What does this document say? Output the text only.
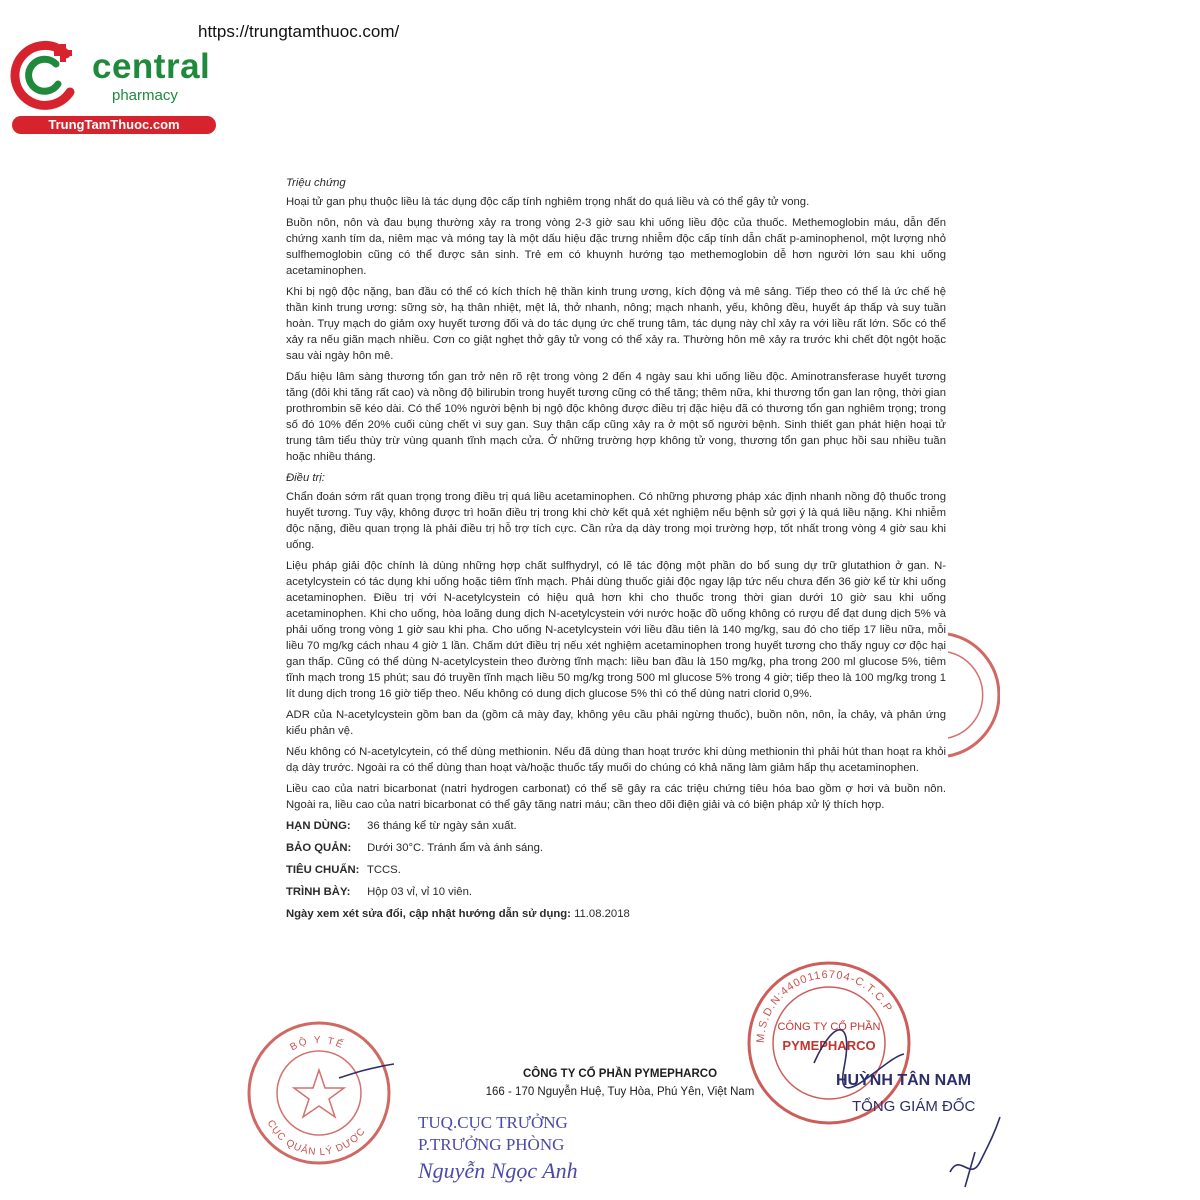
https://trungtamthuoc.com/
central
pharmacy
TrungTamThuoc.com
Triệu chứng

Hoại tử gan phụ thuộc liều là tác dụng độc cấp tính nghiêm trọng nhất do quá liều và có thể gây tử vong.

Buồn nôn, nôn và đau bụng thường xảy ra trong vòng 2-3 giờ sau khi uống liều độc của thuốc. Methemoglobin máu, dẫn đến chứng xanh tím da, niêm mạc và móng tay là một dấu hiệu đặc trưng nhiễm độc cấp tính dẫn chất p-aminophenol, một lượng nhỏ sulfhemoglobin cũng có thể được sản sinh. Trẻ em có khuynh hướng tạo methemoglobin dễ hơn người lớn sau khi uống acetaminophen.

Khi bị ngộ độc nặng, ban đầu có thể có kích thích hệ thần kinh trung ương, kích động và mê sảng. Tiếp theo có thể là ức chế hệ thần kinh trung ương: sững sờ, hạ thân nhiệt, mệt lả, thở nhanh, nông; mạch nhanh, yếu, không đều, huyết áp thấp và suy tuần hoàn. Trụy mạch do giảm oxy huyết tương đối và do tác dụng ức chế trung tâm, tác dụng này chỉ xảy ra với liều rất lớn. Sốc có thể xảy ra nếu giãn mạch nhiều. Cơn co giật nghẹt thở gây tử vong có thể xảy ra. Thường hôn mê xảy ra trước khi chết đột ngột hoặc sau vài ngày hôn mê.

Dấu hiệu lâm sàng thương tổn gan trở nên rõ rệt trong vòng 2 đến 4 ngày sau khi uống liều độc. Aminotransferase huyết tương tăng (đôi khi tăng rất cao) và nồng độ bilirubin trong huyết tương cũng có thể tăng; thêm nữa, khi thương tổn gan lan rộng, thời gian prothrombin sẽ kéo dài. Có thể 10% người bệnh bị ngộ độc không được điều trị đặc hiệu đã có thương tổn gan nghiêm trọng; trong số đó 10% đến 20% cuối cùng chết vì suy gan. Suy thận cấp cũng xảy ra ở một số người bệnh. Sinh thiết gan phát hiện hoại tử trung tâm tiểu thùy trừ vùng quanh tĩnh mạch cửa. Ở những trường hợp không tử vong, thương tổn gan phục hồi sau nhiều tuần hoặc nhiều tháng.

Điều trị:

Chẩn đoán sớm rất quan trọng trong điều trị quá liều acetaminophen. Có những phương pháp xác định nhanh nồng độ thuốc trong huyết tương. Tuy vậy, không được trì hoãn điều trị trong khi chờ kết quả xét nghiệm nếu bệnh sử gợi ý là quá liều nặng. Khi nhiễm độc nặng, điều quan trọng là phải điều trị hỗ trợ tích cực. Cần rửa dạ dày trong mọi trường hợp, tốt nhất trong vòng 4 giờ sau khi uống.

Liệu pháp giải độc chính là dùng những hợp chất sulfhydryl, có lẽ tác động một phần do bổ sung dự trữ glutathion ở gan. N-acetylcystein có tác dụng khi uống hoặc tiêm tĩnh mạch. Phải dùng thuốc giải độc ngay lập tức nếu chưa đến 36 giờ kể từ khi uống acetaminophen. Điều trị với N-acetylcystein có hiệu quả hơn khi cho thuốc trong thời gian dưới 10 giờ sau khi uống acetaminophen. Khi cho uống, hòa loãng dung dịch N-acetylcystein với nước hoặc đồ uống không có rượu để đạt dung dịch 5% và phải uống trong vòng 1 giờ sau khi pha. Cho uống N-acetylcystein với liều đầu tiên là 140 mg/kg, sau đó cho tiếp 17 liều nữa, mỗi liều 70 mg/kg cách nhau 4 giờ 1 lần. Chấm dứt điều trị nếu xét nghiệm acetaminophen trong huyết tương cho thấy nguy cơ độc hại gan thấp. Cũng có thể dùng N-acetylcystein theo đường tĩnh mạch: liều ban đầu là 150 mg/kg, pha trong 200 ml glucose 5%, tiêm tĩnh mạch trong 15 phút; sau đó truyền tĩnh mạch liều 50 mg/kg trong 500 ml glucose 5% trong 4 giờ; tiếp theo là 100 mg/kg trong 1 lít dung dịch trong 16 giờ tiếp theo. Nếu không có dung dịch glucose 5% thì có thể dùng natri clorid 0,9%.

ADR của N-acetylcystein gồm ban da (gồm cả mày đay, không yêu cầu phải ngừng thuốc), buồn nôn, nôn, ỉa chảy, và phản ứng kiểu phản vệ.

Nếu không có N-acetylcytein, có thể dùng methionin. Nếu đã dùng than hoạt trước khi dùng methionin thì phải hút than hoạt ra khỏi dạ dày trước. Ngoài ra có thể dùng than hoạt và/hoặc thuốc tẩy muối do chúng có khả năng làm giảm hấp thụ acetaminophen.

Liều cao của natri bicarbonat (natri hydrogen carbonat) có thể sẽ gây ra các triệu chứng tiêu hóa bao gồm ợ hơi và buồn nôn. Ngoài ra, liều cao của natri bicarbonat có thể gây tăng natri máu; cần theo dõi điện giải và có biện pháp xử lý thích hợp.

HẠN DÙNG: 36 tháng kể từ ngày sản xuất.
BẢO QUẢN: Dưới 30°C. Tránh ẩm và ánh sáng.
TIÊU CHUẨN: TCCS.
TRÌNH BÀY: Hộp 03 vỉ, vỉ 10 viên.
Ngày xem xét sửa đổi, cập nhật hướng dẫn sử dụng: 11.08.2018
M.S.D.N:4400116704-C.T.C.P
CÔNG TY CỔ PHẦN
PYMEPHARCO
BỘ Y TẾ
CỤC QUẢN LÝ DƯỢC
CÔNG TY CỔ PHẦN PYMEPHARCO
166 - 170 Nguyễn Huệ, Tuy Hòa, Phú Yên, Việt Nam
TUQ.CỤC TRƯỞNG
P.TRƯỞNG PHÒNG
Nguyễn Ngọc Anh
HUỲNH TÂN NAM
TỔNG GIÁM ĐỐC
